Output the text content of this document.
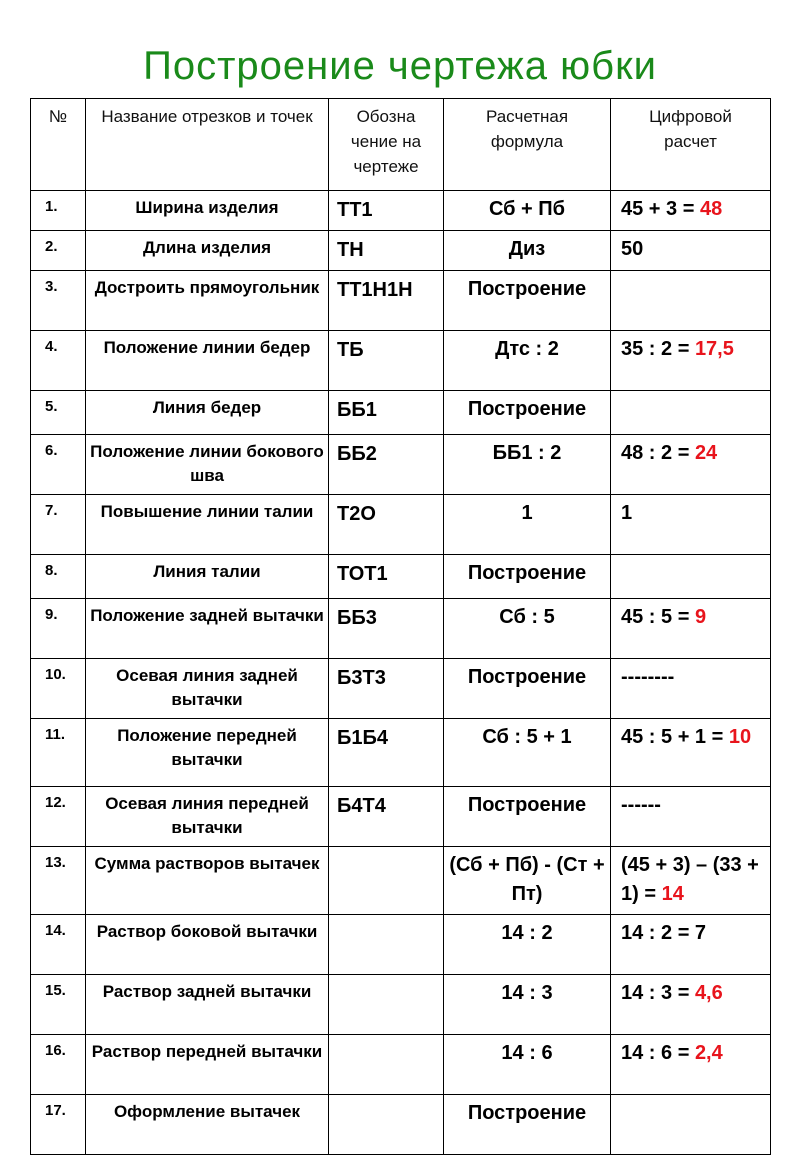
Построение чертежа юбки
№	Название отрезков и точек	Обозна
чение на
чертеже	Расчетная формула	Цифровой расчет
1.	Ширина изделия	ТТ1	Сб + Пб	45 + 3 = 48
2.	Длина изделия	ТН	Диз	50
3.	Достроить прямоугольник	ТТ1Н1Н	Построение	
4.	Положение линии бедер	ТБ	Дтс : 2	35 : 2 = 17,5
5.	Линия бедер	ББ1	Построение	
6.	Положение линии бокового шва	ББ2	ББ1 : 2	48 : 2 = 24
7.	Повышение линии талии	Т2О	1	1
8.	Линия талии	ТОТ1	Построение	
9.	Положение задней вытачки	ББ3	Сб : 5	45 : 5 = 9
10.	Осевая линия задней вытачки	Б3Т3	Построение	--------
11.	Положение передней вытачки	Б1Б4	Сб : 5 + 1	45 : 5 + 1 = 10
12.	Осевая линия передней вытачки	Б4Т4	Построение	------
13.	Сумма растворов вытачек		(Сб + Пб) - (Ст + Пт)	(45 + 3) – (33 + 1) = 14
14.	Раствор боковой вытачки		14 : 2	14 : 2 = 7
15.	Раствор задней вытачки		14 : 3	14 : 3 = 4,6
16.	Раствор передней вытачки		14 : 6	14 : 6 = 2,4
17.	Оформление вытачек		Построение	
